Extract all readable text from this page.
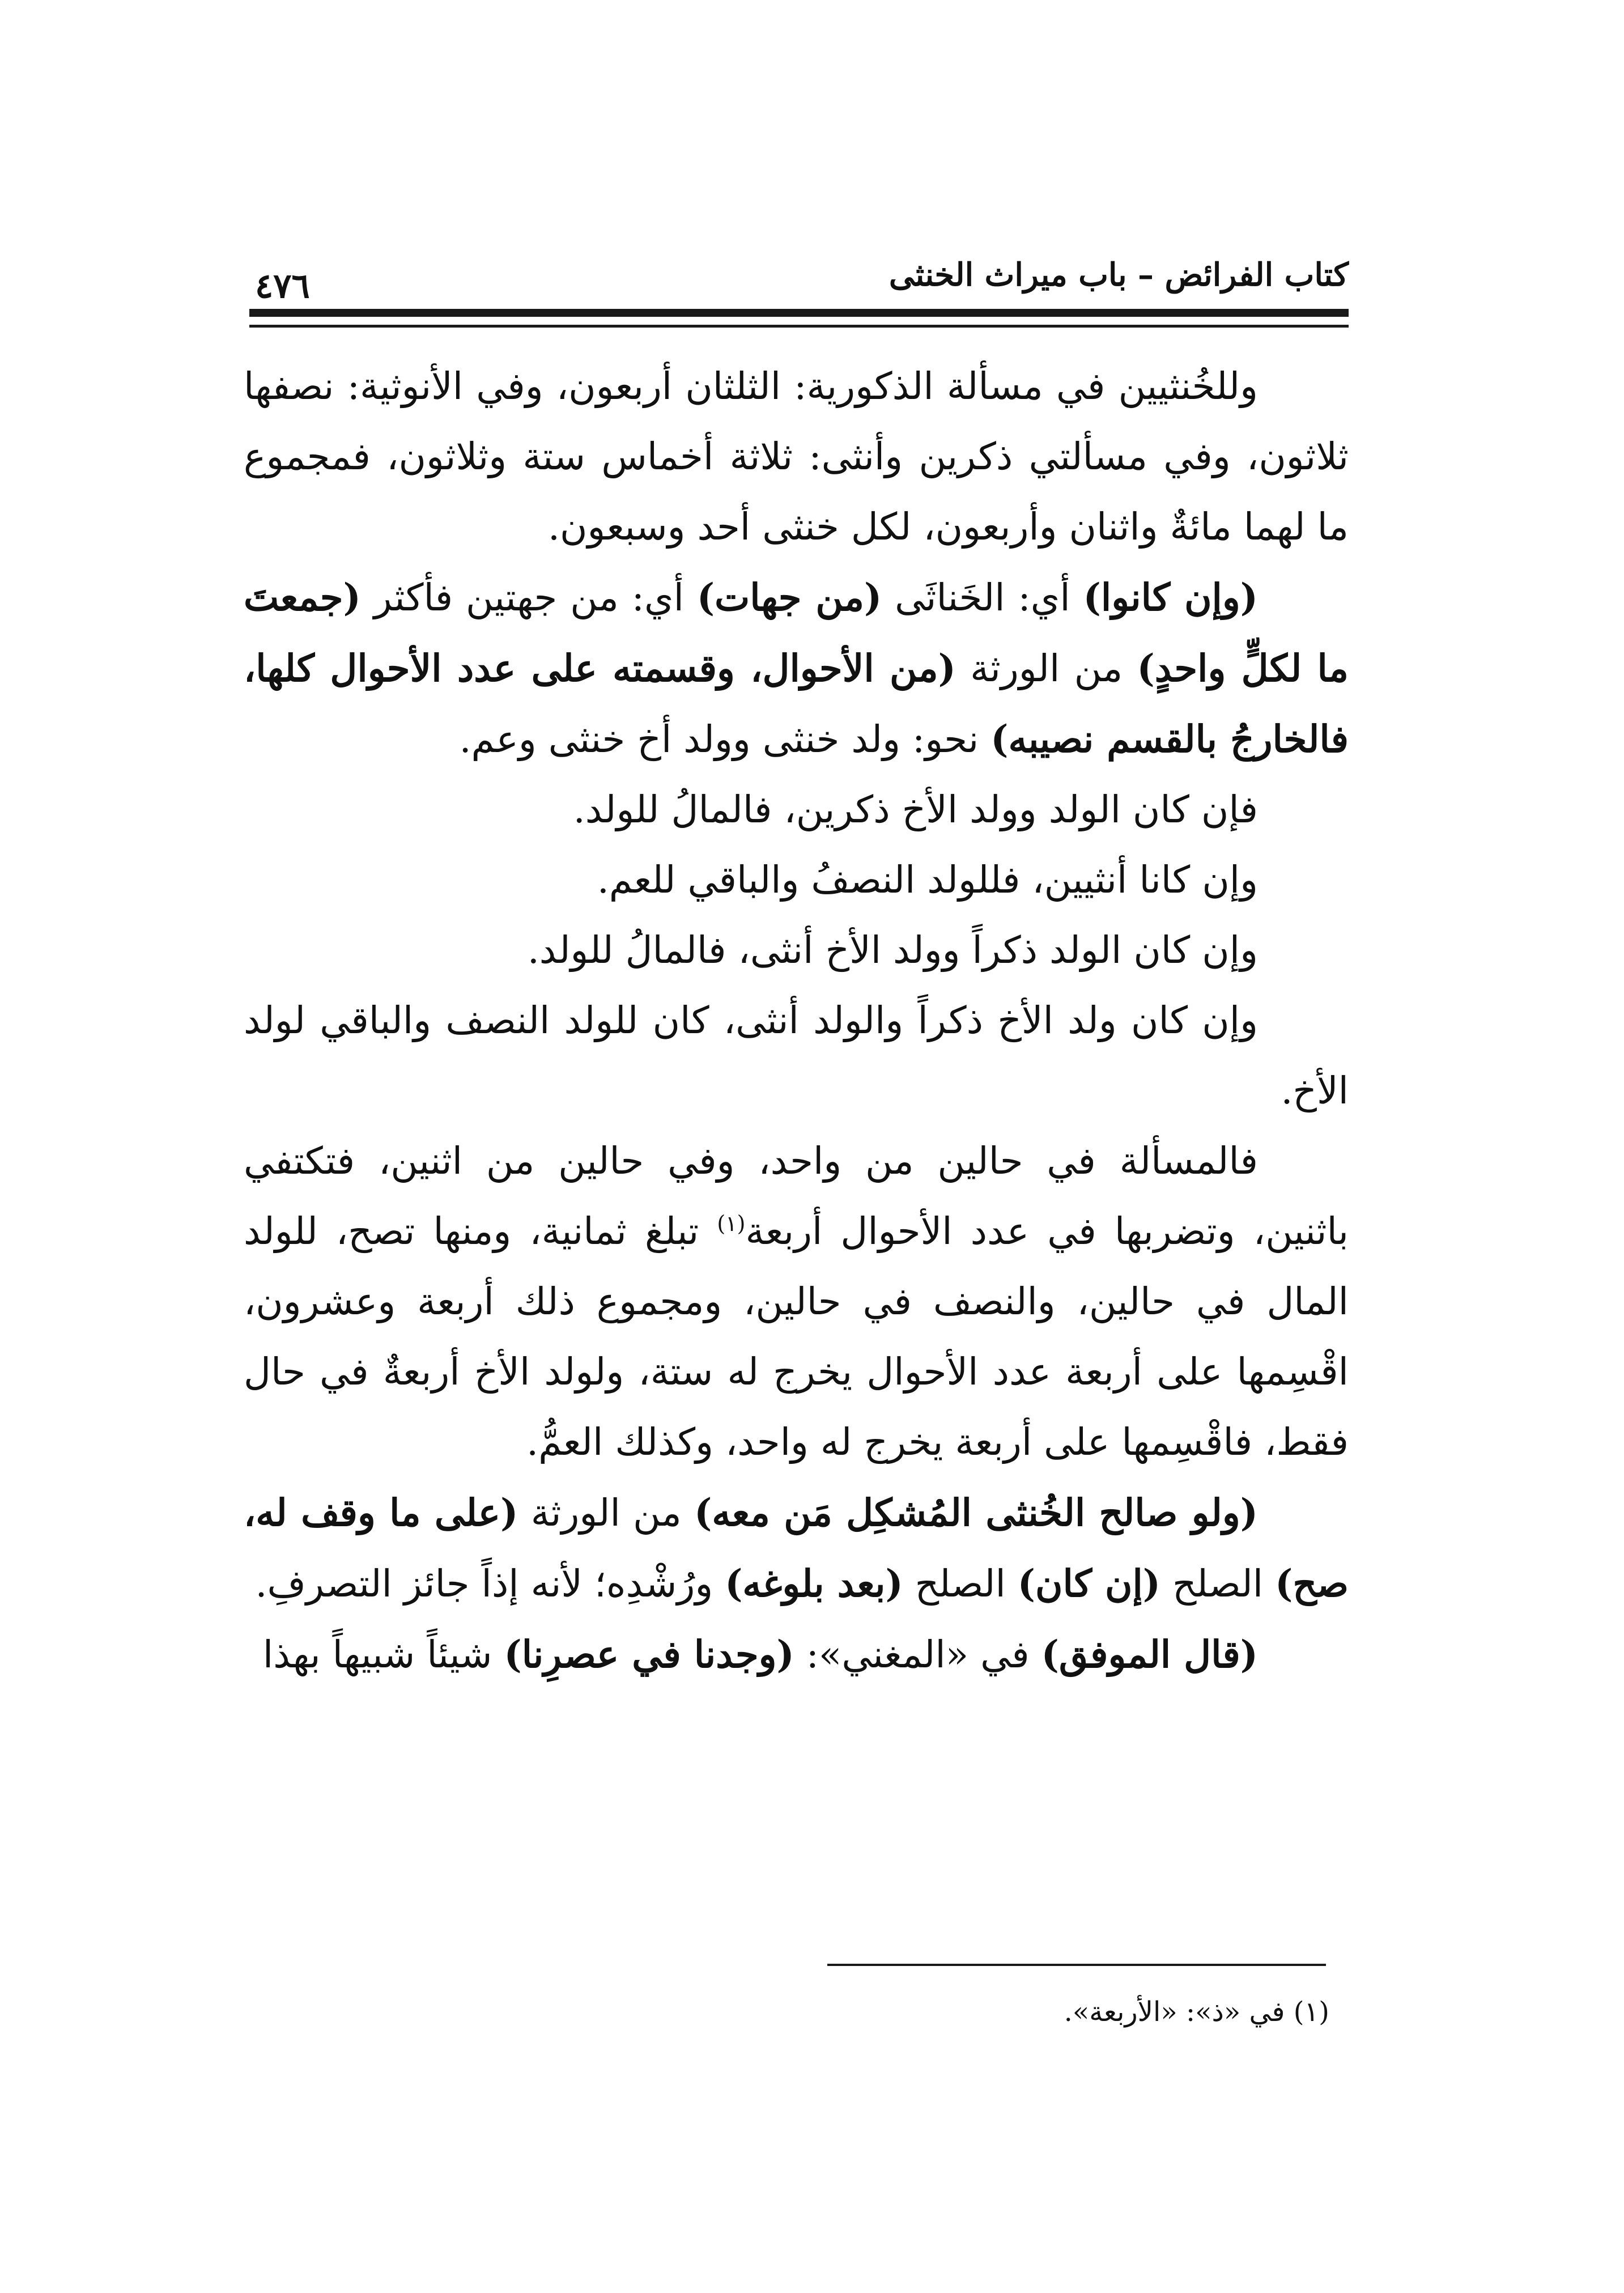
كتاب الفرائض – باب ميراث الخنثى
٤٧٦

وللخُنثيين في مسألة الذكورية: الثلثان أربعون، وفي الأنوثية: نصفها ثلاثون، وفي مسألتي ذكرين وأنثى: ثلاثة أخماس ستة وثلاثون، فمجموع ما لهما مائةٌ واثنان وأربعون، لكل خنثى أحد وسبعون.

(وإن كانوا) أي: الخَناثَى (من جهات) أي: من جهتين فأكثر (جمعتَ ما لكلٍّ واحدٍ) من الورثة (من الأحوال، وقسمته على عدد الأحوال كلها، فالخارجُ بالقسم نصيبه) نحو: ولد خنثى وولد أخ خنثى وعم.

فإن كان الولد وولد الأخ ذكرين، فالمالُ للولد.

وإن كانا أنثيين، فللولد النصفُ والباقي للعم.

وإن كان الولد ذكراً وولد الأخ أنثى، فالمالُ للولد.

وإن كان ولد الأخ ذكراً والولد أنثى، كان للولد النصف والباقي لولد الأخ.

فالمسألة في حالين من واحد، وفي حالين من اثنين، فتكتفي باثنين، وتضربها في عدد الأحوال أربعة$^{(١)}$ تبلغ ثمانية، ومنها تصح، للولد المال في حالين، والنصف في حالين، ومجموع ذلك أربعة وعشرون، اقْسِمها على أربعة عدد الأحوال يخرج له ستة، ولولد الأخ أربعةٌ في حال فقط، فاقْسِمها على أربعة يخرج له واحد، وكذلك العمُّ.

(ولو صالح الخُنثى المُشكِل مَن معه) من الورثة (على ما وقف له، صح) الصلح (إن كان) الصلح (بعد بلوغه) ورُشْدِه؛ لأنه إذاً جائز التصرفِ.

(قال الموفق) في «المغني»: (وجدنا في عصرِنا) شيئاً شبيهاً بهذا

(١) في «ذ»: «الأربعة».
